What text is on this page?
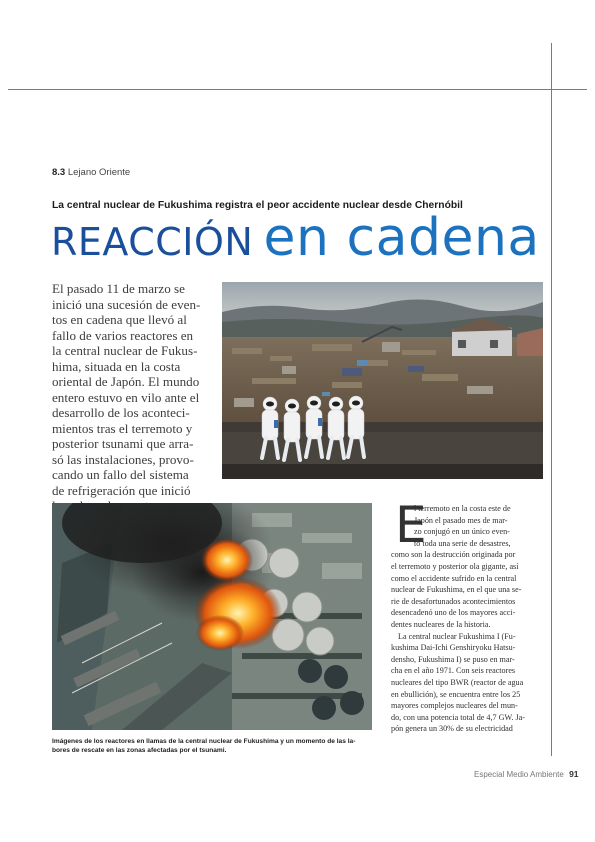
8.3 Lejano Oriente
La central nuclear de Fukushima registra el peor accidente nuclear desde Chernóbil
REACCIÓN en cadena

El pasado 11 de marzo se
inició una sucesión de even-
tos en cadena que llevó al
fallo de varios reactores en
la central nuclear de Fukus-
hima, situada en la costa
oriental de Japón. El mundo
entero estuvo en vilo ante el
desarrollo de los aconteci-
mientos tras el terremoto y
posterior tsunami que arra-
só las instalaciones, provo-
cando un fallo del sistema
de refrigeración que inició

Imágenes de los reactores en llamas de la central nuclear de Fukushima y un momento de las la-
bores de rescate en las zonas afectadas por el tsunami.
E
l terremoto en la costa este de
Japón el pasado mes de mar-
zo conjugó en un único even-
to toda una serie de desastres,
como son la destrucción originada por
el terremoto y posterior ola gigante, así
como el accidente sufrido en la central
nuclear de Fukushima, en el que una se-
rie de desafortunados acontecimientos
desencadenó uno de los mayores acci-
dentes nucleares de la historia.
La central nuclear Fukushima I (Fu-
kushima Dai-Ichi Genshiryoku Hatsu-
densho, Fukushima I) se puso en mar-
cha en el año 1971. Con seis reactores
nucleares del tipo BWR (reactor de agua
en ebullición), se encuentra entre los 25
mayores complejos nucleares del mun-
do, con una potencia total de 4,7 GW. Ja-
pón genera un 30% de su electricidad
Especial Medio Ambiente 91
